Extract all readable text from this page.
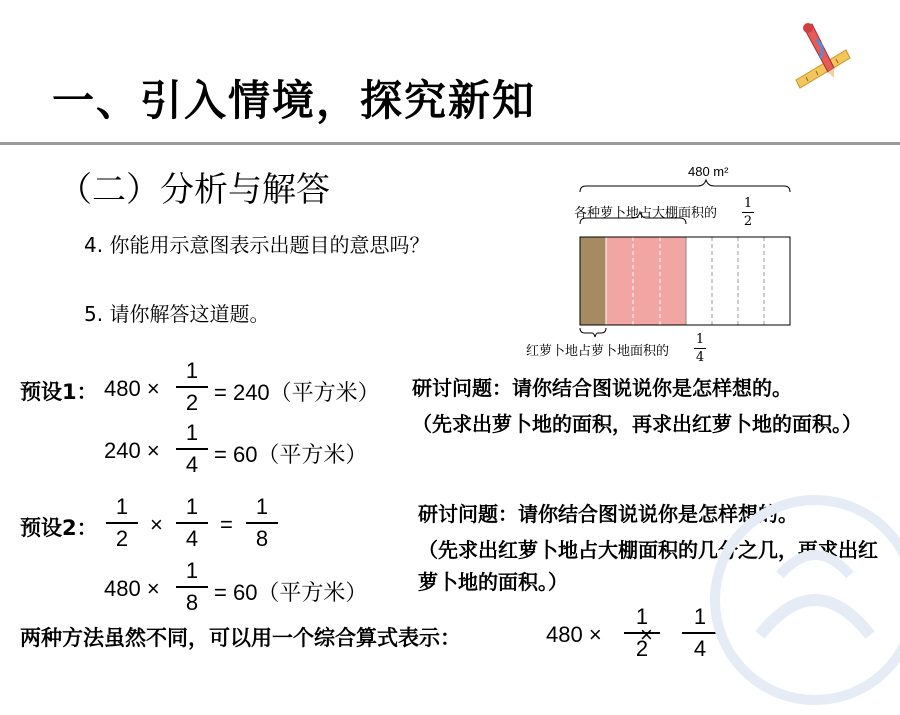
一、引入情境，探究新知
（二）分析与解答
4. 你能用示意图表示出题目的意思吗？
5. 请你解答这道题。
480 m²
各种萝卜地占大棚面积的
1
2
红萝卜地占萝卜地面积的
1
4
预设1： 480 ×
1
2 = 240（平方米）
240 ×
1
4 = 60（平方米）
研讨问题：请你结合图说说你是怎样想的。
（先求出萝卜地的面积，再求出红萝卜地的面积。）
预设2：
1
2
×
1
4
=
1
8
480 ×
1
8 = 60（平方米）
研讨问题：请你结合图说说你是怎样想的。
（先求出红萝卜地占大棚面积的几分之几，再求出红萝卜地的面积。）
两种方法虽然不同，可以用一个综合算式表示：	480 ×
1
2
×
1
4
